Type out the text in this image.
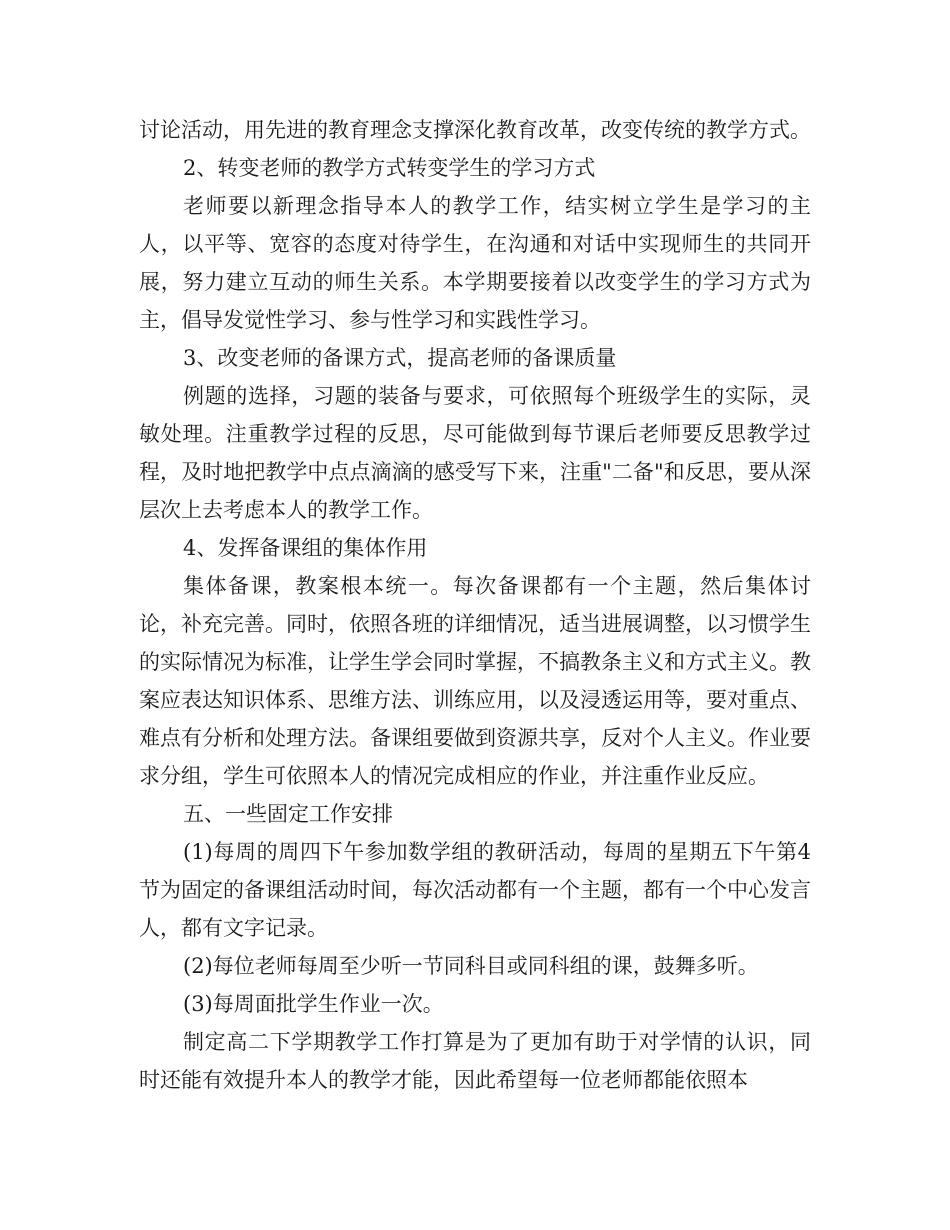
讨论活动，用先进的教育理念支撑深化教育改革，改变传统的教学方式。

2、转变老师的教学方式转变学生的学习方式

老师要以新理念指导本人的教学工作，结实树立学生是学习的主人，以平等、宽容的态度对待学生，在沟通和对话中实现师生的共同开展，努力建立互动的师生关系。本学期要接着以改变学生的学习方式为主，倡导发觉性学习、参与性学习和实践性学习。

3、改变老师的备课方式，提高老师的备课质量

例题的选择，习题的装备与要求，可依照每个班级学生的实际，灵敏处理。注重教学过程的反思，尽可能做到每节课后老师要反思教学过程，及时地把教学中点点滴滴的感受写下来，注重"二备"和反思，要从深层次上去考虑本人的教学工作。

4、发挥备课组的集体作用

集体备课，教案根本统一。每次备课都有一个主题，然后集体讨论，补充完善。同时，依照各班的详细情况，适当进展调整，以习惯学生的实际情况为标准，让学生学会同时掌握，不搞教条主义和方式主义。教案应表达知识体系、思维方法、训练应用，以及浸透运用等，要对重点、难点有分析和处理方法。备课组要做到资源共享，反对个人主义。作业要求分组，学生可依照本人的情况完成相应的作业，并注重作业反应。

五、一些固定工作安排

(1)每周的周四下午参加数学组的教研活动，每周的星期五下午第4节为固定的备课组活动时间，每次活动都有一个主题，都有一个中心发言人，都有文字记录。

(2)每位老师每周至少听一节同科目或同科组的课，鼓舞多听。

(3)每周面批学生作业一次。

制定高二下学期教学工作打算是为了更加有助于对学情的认识，同时还能有效提升本人的教学才能，因此希望每一位老师都能依照本
